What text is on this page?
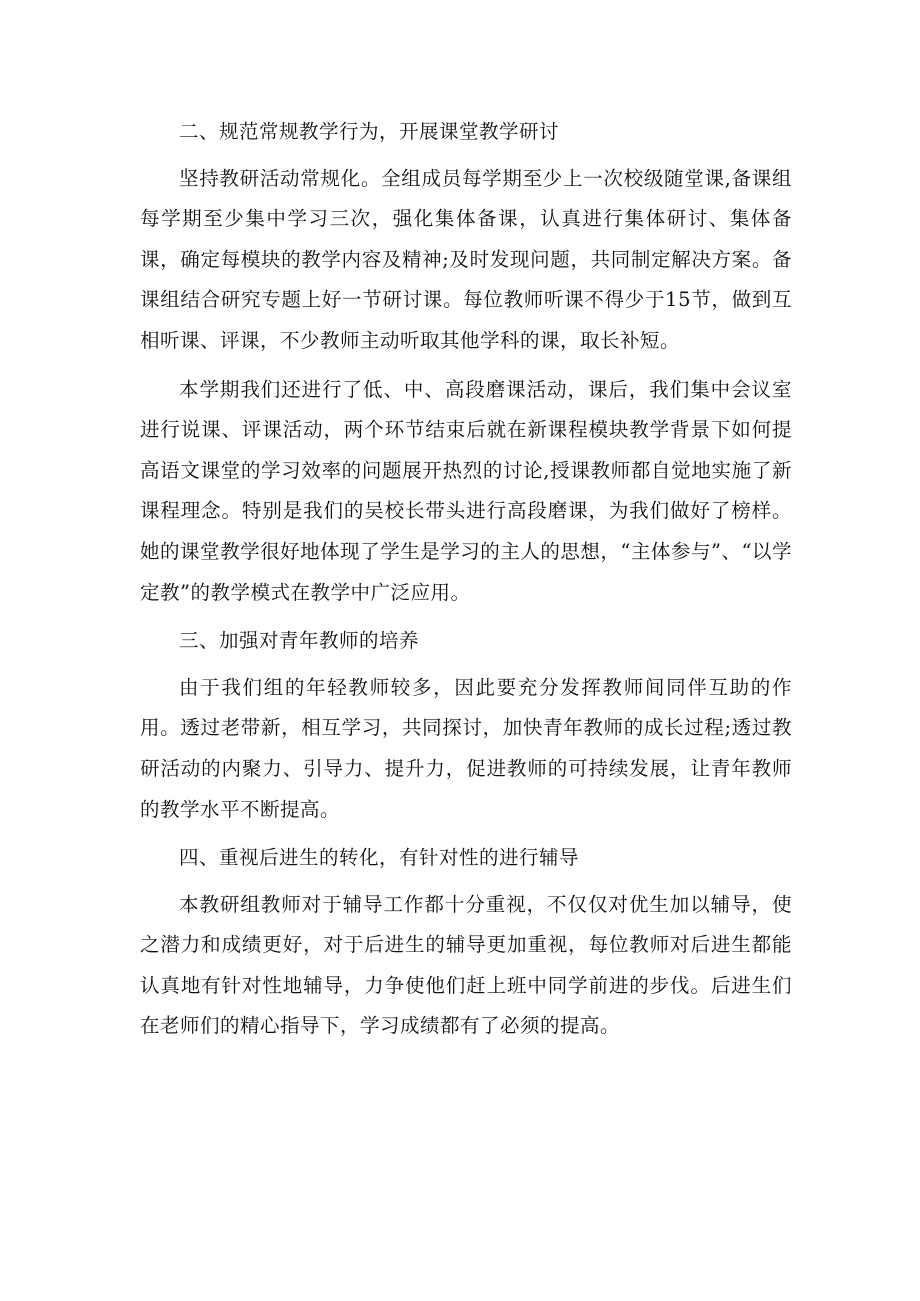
二、规范常规教学行为，开展课堂教学研讨

坚持教研活动常规化。全组成员每学期至少上一次校级随堂课,备课组每学期至少集中学习三次，强化集体备课，认真进行集体研讨、集体备课，确定每模块的教学内容及精神;及时发现问题，共同制定解决方案。备课组结合研究专题上好一节研讨课。每位教师听课不得少于15节，做到互相听课、评课，不少教师主动听取其他学科的课，取长补短。

本学期我们还进行了低、中、高段磨课活动，课后，我们集中会议室进行说课、评课活动，两个环节结束后就在新课程模块教学背景下如何提高语文课堂的学习效率的问题展开热烈的讨论,授课教师都自觉地实施了新课程理念。特别是我们的吴校长带头进行高段磨课，为我们做好了榜样。她的课堂教学很好地体现了学生是学习的主人的思想，“主体参与”、“以学定教”的教学模式在教学中广泛应用。

三、加强对青年教师的培养

由于我们组的年轻教师较多，因此要充分发挥教师间同伴互助的作用。透过老带新，相互学习，共同探讨，加快青年教师的成长过程;透过教研活动的内聚力、引导力、提升力，促进教师的可持续发展，让青年教师的教学水平不断提高。

四、重视后进生的转化，有针对性的进行辅导

本教研组教师对于辅导工作都十分重视，不仅仅对优生加以辅导，使之潜力和成绩更好，对于后进生的辅导更加重视，每位教师对后进生都能认真地有针对性地辅导，力争使他们赶上班中同学前进的步伐。后进生们在老师们的精心指导下，学习成绩都有了必须的提高。
